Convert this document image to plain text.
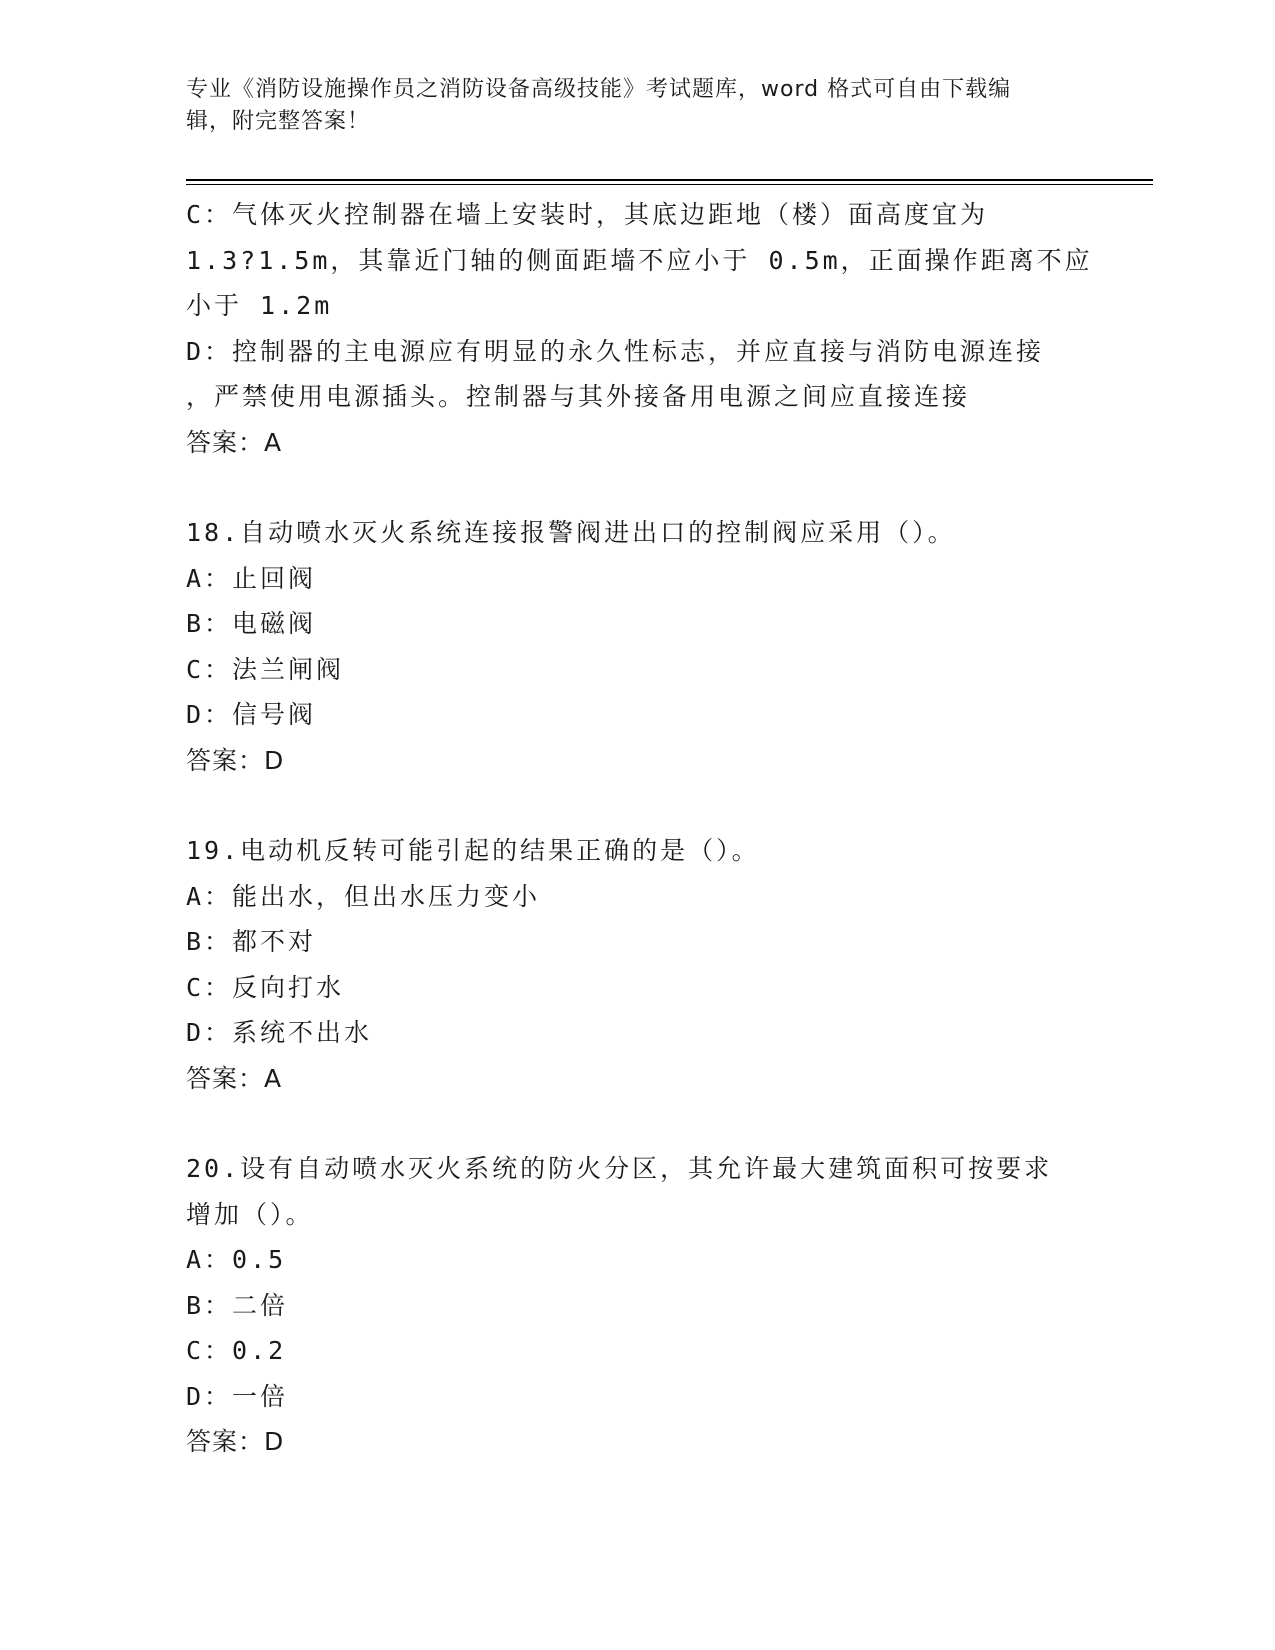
专业《消防设施操作员之消防设备高级技能》考试题库，word 格式可自由下载编
辑，附完整答案！
C：气体灭火控制器在墙上安装时，其底边距地（楼）面高度宜为
1.3?1.5m，其靠近门轴的侧面距墙不应小于 0.5m，正面操作距离不应
小于 1.2m
D：控制器的主电源应有明显的永久性标志，并应直接与消防电源连接
，严禁使用电源插头。控制器与其外接备用电源之间应直接连接
答案：A
18.自动喷水灭火系统连接报警阀进出口的控制阀应采用（）。
A：止回阀
B：电磁阀
C：法兰闸阀
D：信号阀
答案：D
19.电动机反转可能引起的结果正确的是（）。
A：能出水，但出水压力变小
B：都不对
C：反向打水
D：系统不出水
答案：A
20.设有自动喷水灭火系统的防火分区，其允许最大建筑面积可按要求
增加（）。
A：0.5
B：二倍
C：0.2
D：一倍
答案：D
